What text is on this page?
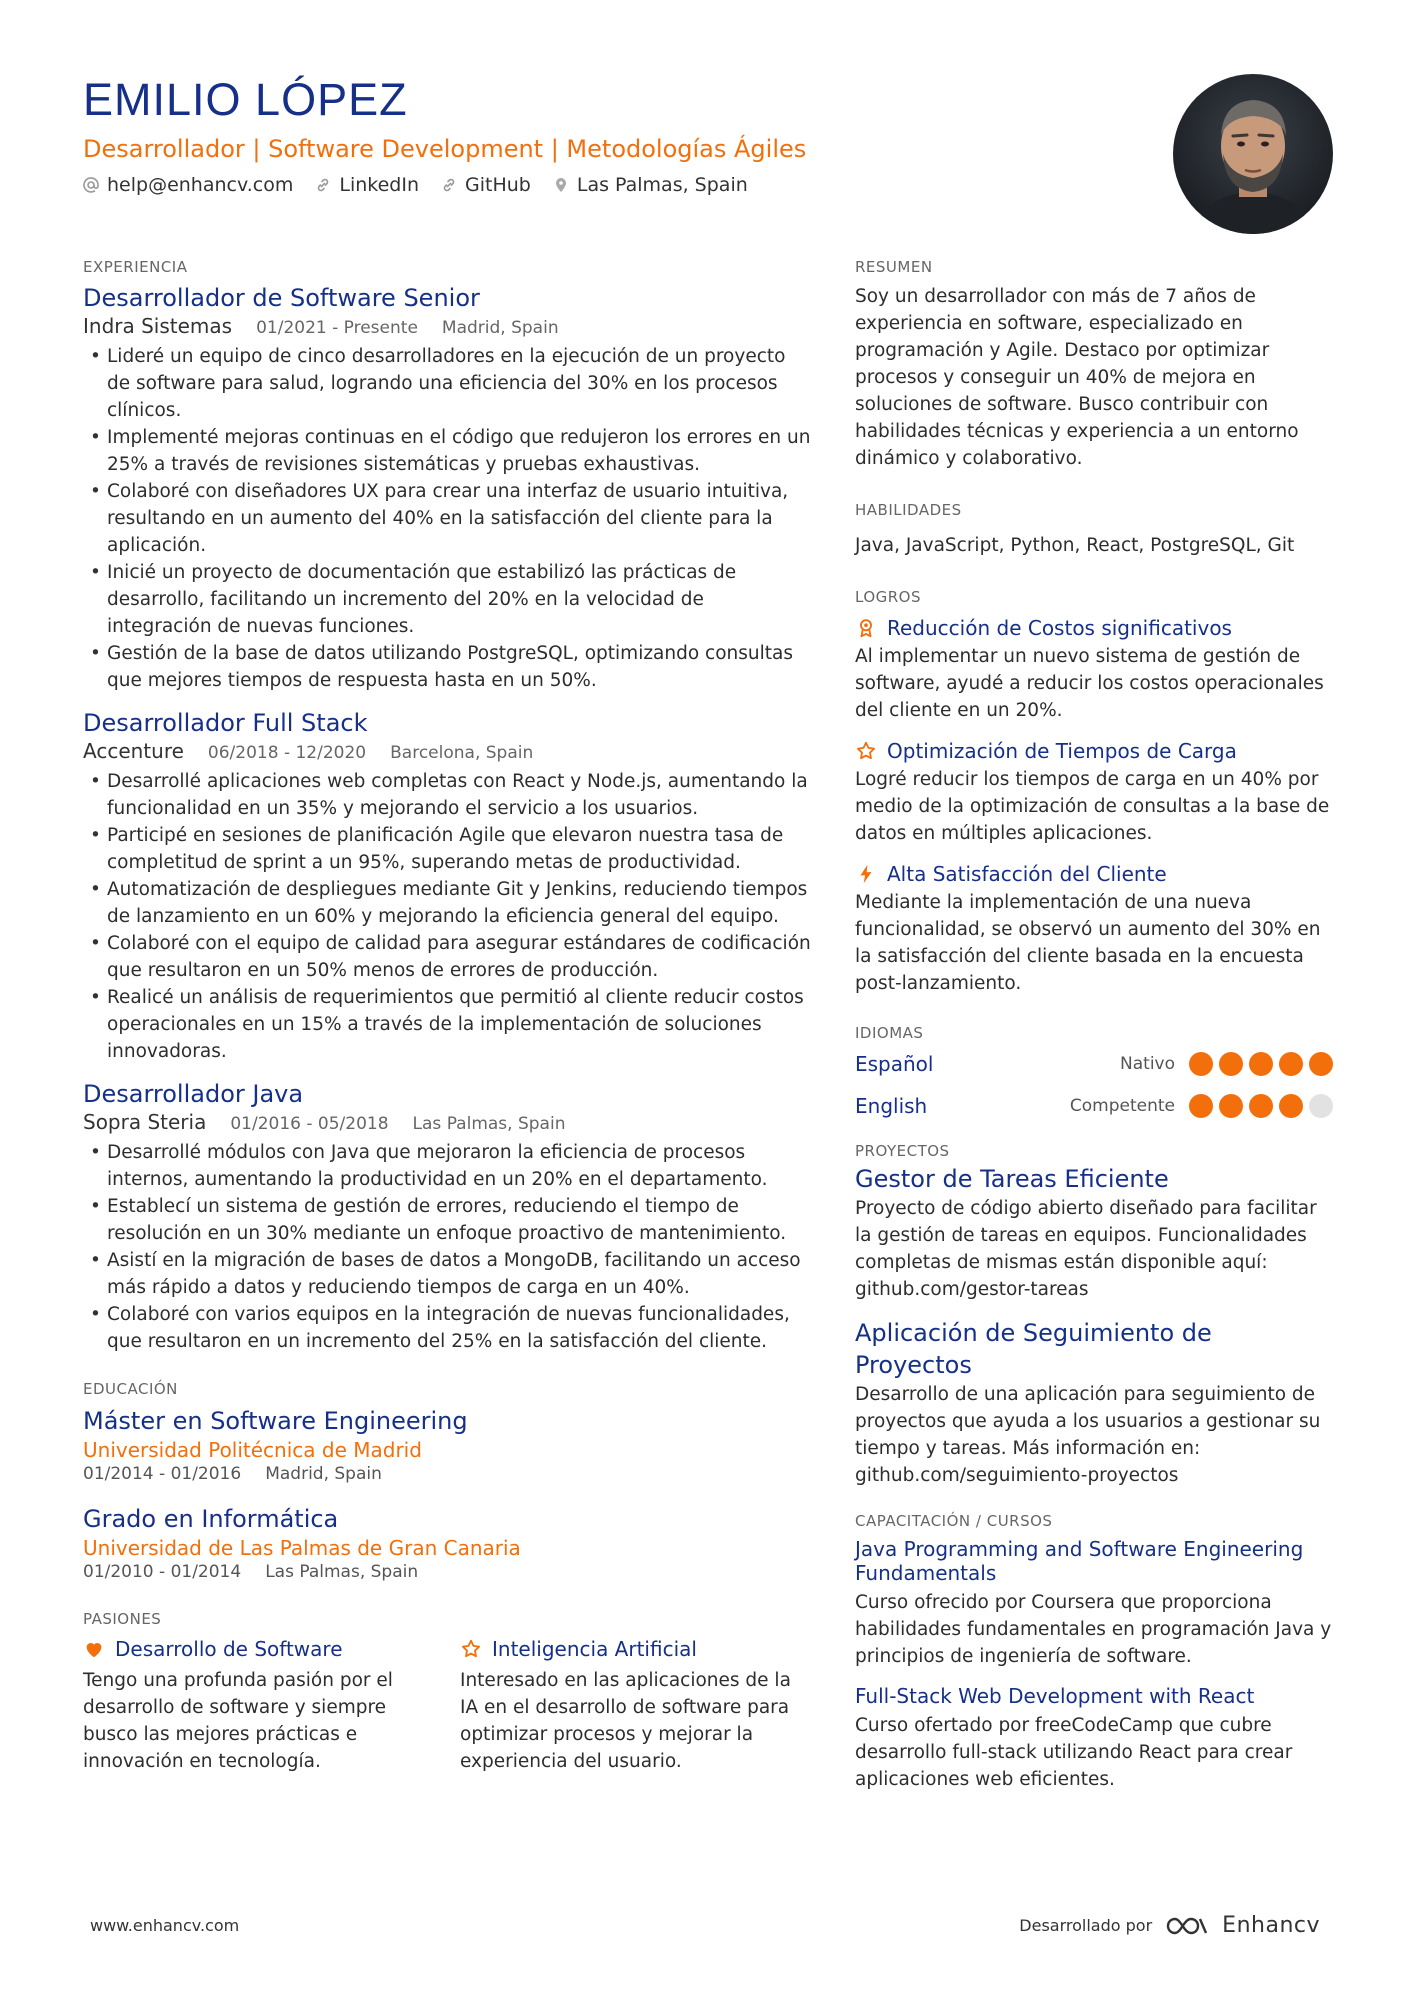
EMILIO LÓPEZ
Desarrollador | Software Development | Metodologías Ágiles
help@enhancv.com LinkedIn GitHub Las Palmas, Spain
EXPERIENCIA
Desarrollador de Software Senior
Indra Sistemas 01/2021 - Presente Madrid, Spain
• Lideré un equipo de cinco desarrolladores en la ejecución de un proyecto de software para salud, logrando una eficiencia del 30% en los procesos clínicos.
• Implementé mejoras continuas en el código que redujeron los errores en un 25% a través de revisiones sistemáticas y pruebas exhaustivas.
• Colaboré con diseñadores UX para crear una interfaz de usuario intuitiva, resultando en un aumento del 40% en la satisfacción del cliente para la aplicación.
• Inicié un proyecto de documentación que estabilizó las prácticas de desarrollo, facilitando un incremento del 20% en la velocidad de integración de nuevas funciones.
• Gestión de la base de datos utilizando PostgreSQL, optimizando consultas que mejores tiempos de respuesta hasta en un 50%.
Desarrollador Full Stack
Accenture 06/2018 - 12/2020 Barcelona, Spain
• Desarrollé aplicaciones web completas con React y Node.js, aumentando la funcionalidad en un 35% y mejorando el servicio a los usuarios.
• Participé en sesiones de planificación Agile que elevaron nuestra tasa de completitud de sprint a un 95%, superando metas de productividad.
• Automatización de despliegues mediante Git y Jenkins, reduciendo tiempos de lanzamiento en un 60% y mejorando la eficiencia general del equipo.
• Colaboré con el equipo de calidad para asegurar estándares de codificación que resultaron en un 50% menos de errores de producción.
• Realicé un análisis de requerimientos que permitió al cliente reducir costos operacionales en un 15% a través de la implementación de soluciones innovadoras.
Desarrollador Java
Sopra Steria 01/2016 - 05/2018 Las Palmas, Spain
• Desarrollé módulos con Java que mejoraron la eficiencia de procesos internos, aumentando la productividad en un 20% en el departamento.
• Establecí un sistema de gestión de errores, reduciendo el tiempo de resolución en un 30% mediante un enfoque proactivo de mantenimiento.
• Asistí en la migración de bases de datos a MongoDB, facilitando un acceso más rápido a datos y reduciendo tiempos de carga en un 40%.
• Colaboré con varios equipos en la integración de nuevas funcionalidades, que resultaron en un incremento del 25% en la satisfacción del cliente.
EDUCACIÓN
Máster en Software Engineering
Universidad Politécnica de Madrid
01/2014 - 01/2016 Madrid, Spain
Grado en Informática
Universidad de Las Palmas de Gran Canaria
01/2010 - 01/2014 Las Palmas, Spain
PASIONES
Desarrollo de Software
Tengo una profunda pasión por el desarrollo de software y siempre busco las mejores prácticas e innovación en tecnología.
Inteligencia Artificial
Interesado en las aplicaciones de la IA en el desarrollo de software para optimizar procesos y mejorar la experiencia del usuario.
RESUMEN
Soy un desarrollador con más de 7 años de experiencia en software, especializado en programación y Agile. Destaco por optimizar procesos y conseguir un 40% de mejora en soluciones de software. Busco contribuir con habilidades técnicas y experiencia a un entorno dinámico y colaborativo.
HABILIDADES
Java, JavaScript, Python, React, PostgreSQL, Git
LOGROS
Reducción de Costos significativos
Al implementar un nuevo sistema de gestión de software, ayudé a reducir los costos operacionales del cliente en un 20%.
Optimización de Tiempos de Carga
Logré reducir los tiempos de carga en un 40% por medio de la optimización de consultas a la base de datos en múltiples aplicaciones.
Alta Satisfacción del Cliente
Mediante la implementación de una nueva funcionalidad, se observó un aumento del 30% en la satisfacción del cliente basada en la encuesta post-lanzamiento.
IDIOMAS
Español	Nativo
English	Competente
PROYECTOS
Gestor de Tareas Eficiente
Proyecto de código abierto diseñado para facilitar la gestión de tareas en equipos. Funcionalidades completas de mismas están disponible aquí: github.com/gestor-tareas
Aplicación de Seguimiento de Proyectos
Desarrollo de una aplicación para seguimiento de proyectos que ayuda a los usuarios a gestionar su tiempo y tareas. Más información en: github.com/seguimiento-proyectos
CAPACITACIÓN / CURSOS
Java Programming and Software Engineering Fundamentals
Curso ofrecido por Coursera que proporciona habilidades fundamentales en programación Java y principios de ingeniería de software.
Full-Stack Web Development with React
Curso ofertado por freeCodeCamp que cubre desarrollo full-stack utilizando React para crear aplicaciones web eficientes.
www.enhancv.com	Desarrollado por	Enhancv
